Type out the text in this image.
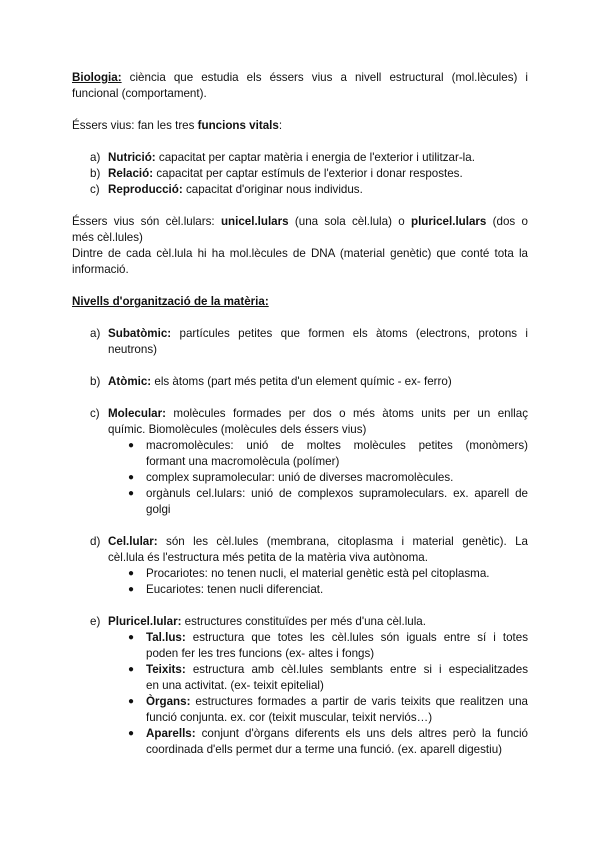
Biologia: ciència que estudia els éssers vius a nivell estructural (mol.lècules) i

funcional (comportament).

Éssers vius: fan les tres funcions vitals:

a) Nutrició: capacitat per captar matèria i energia de l'exterior i utilitzar-la.
b) Relació: capacitat per captar estímuls de l'exterior i donar respostes.
c) Reproducció: capacitat d'originar nous individus.

Éssers vius són cèl.lulars: unicel.lulars (una sola cèl.lula) o pluricel.lulars (dos o

més cèl.lules)

Dintre de cada cèl.lula hi ha mol.lècules de DNA (material genètic) que conté tota la

informació.

Nivells d'organització de la matèria:

a) Subatòmic: partícules petites que formen els àtoms (electrons, protons i

neutrons)

b) Atòmic: els àtoms (part més petita d'un element químic - ex- ferro)

c) Molecular: molècules formades per dos o més àtoms units per un enllaç

químic. Biomolècules (molècules dels éssers vius)

● macromolècules: unió de moltes molècules petites (monòmers)

formant una macromolècula (polímer)

● complex supramolecular: unió de diverses macromolècules.

● orgànuls cel.lulars: unió de complexos supramoleculars. ex. aparell de

golgi

d) Cel.lular: són les cèl.lules (membrana, citoplasma i material genètic). La

cèl.lula és l'estructura més petita de la matèria viva autònoma.

● Procariotes: no tenen nucli, el material genètic està pel citoplasma.

● Eucariotes: tenen nucli diferenciat.

e) Pluricel.lular: estructures constituïdes per més d'una cèl.lula.

● Tal.lus: estructura que totes les cèl.lules són iguals entre sí i totes

poden fer les tres funcions (ex- altes i fongs)

● Teixits: estructura amb cèl.lules semblants entre si i especialitzades

en una activitat. (ex- teixit epitelial)

● Òrgans: estructures formades a partir de varis teixits que realitzen una

funció conjunta. ex. cor (teixit muscular, teixit nerviós…)

● Aparells: conjunt d'òrgans diferents els uns dels altres però la funció

coordinada d'ells permet dur a terme una funció. (ex. aparell digestiu)
